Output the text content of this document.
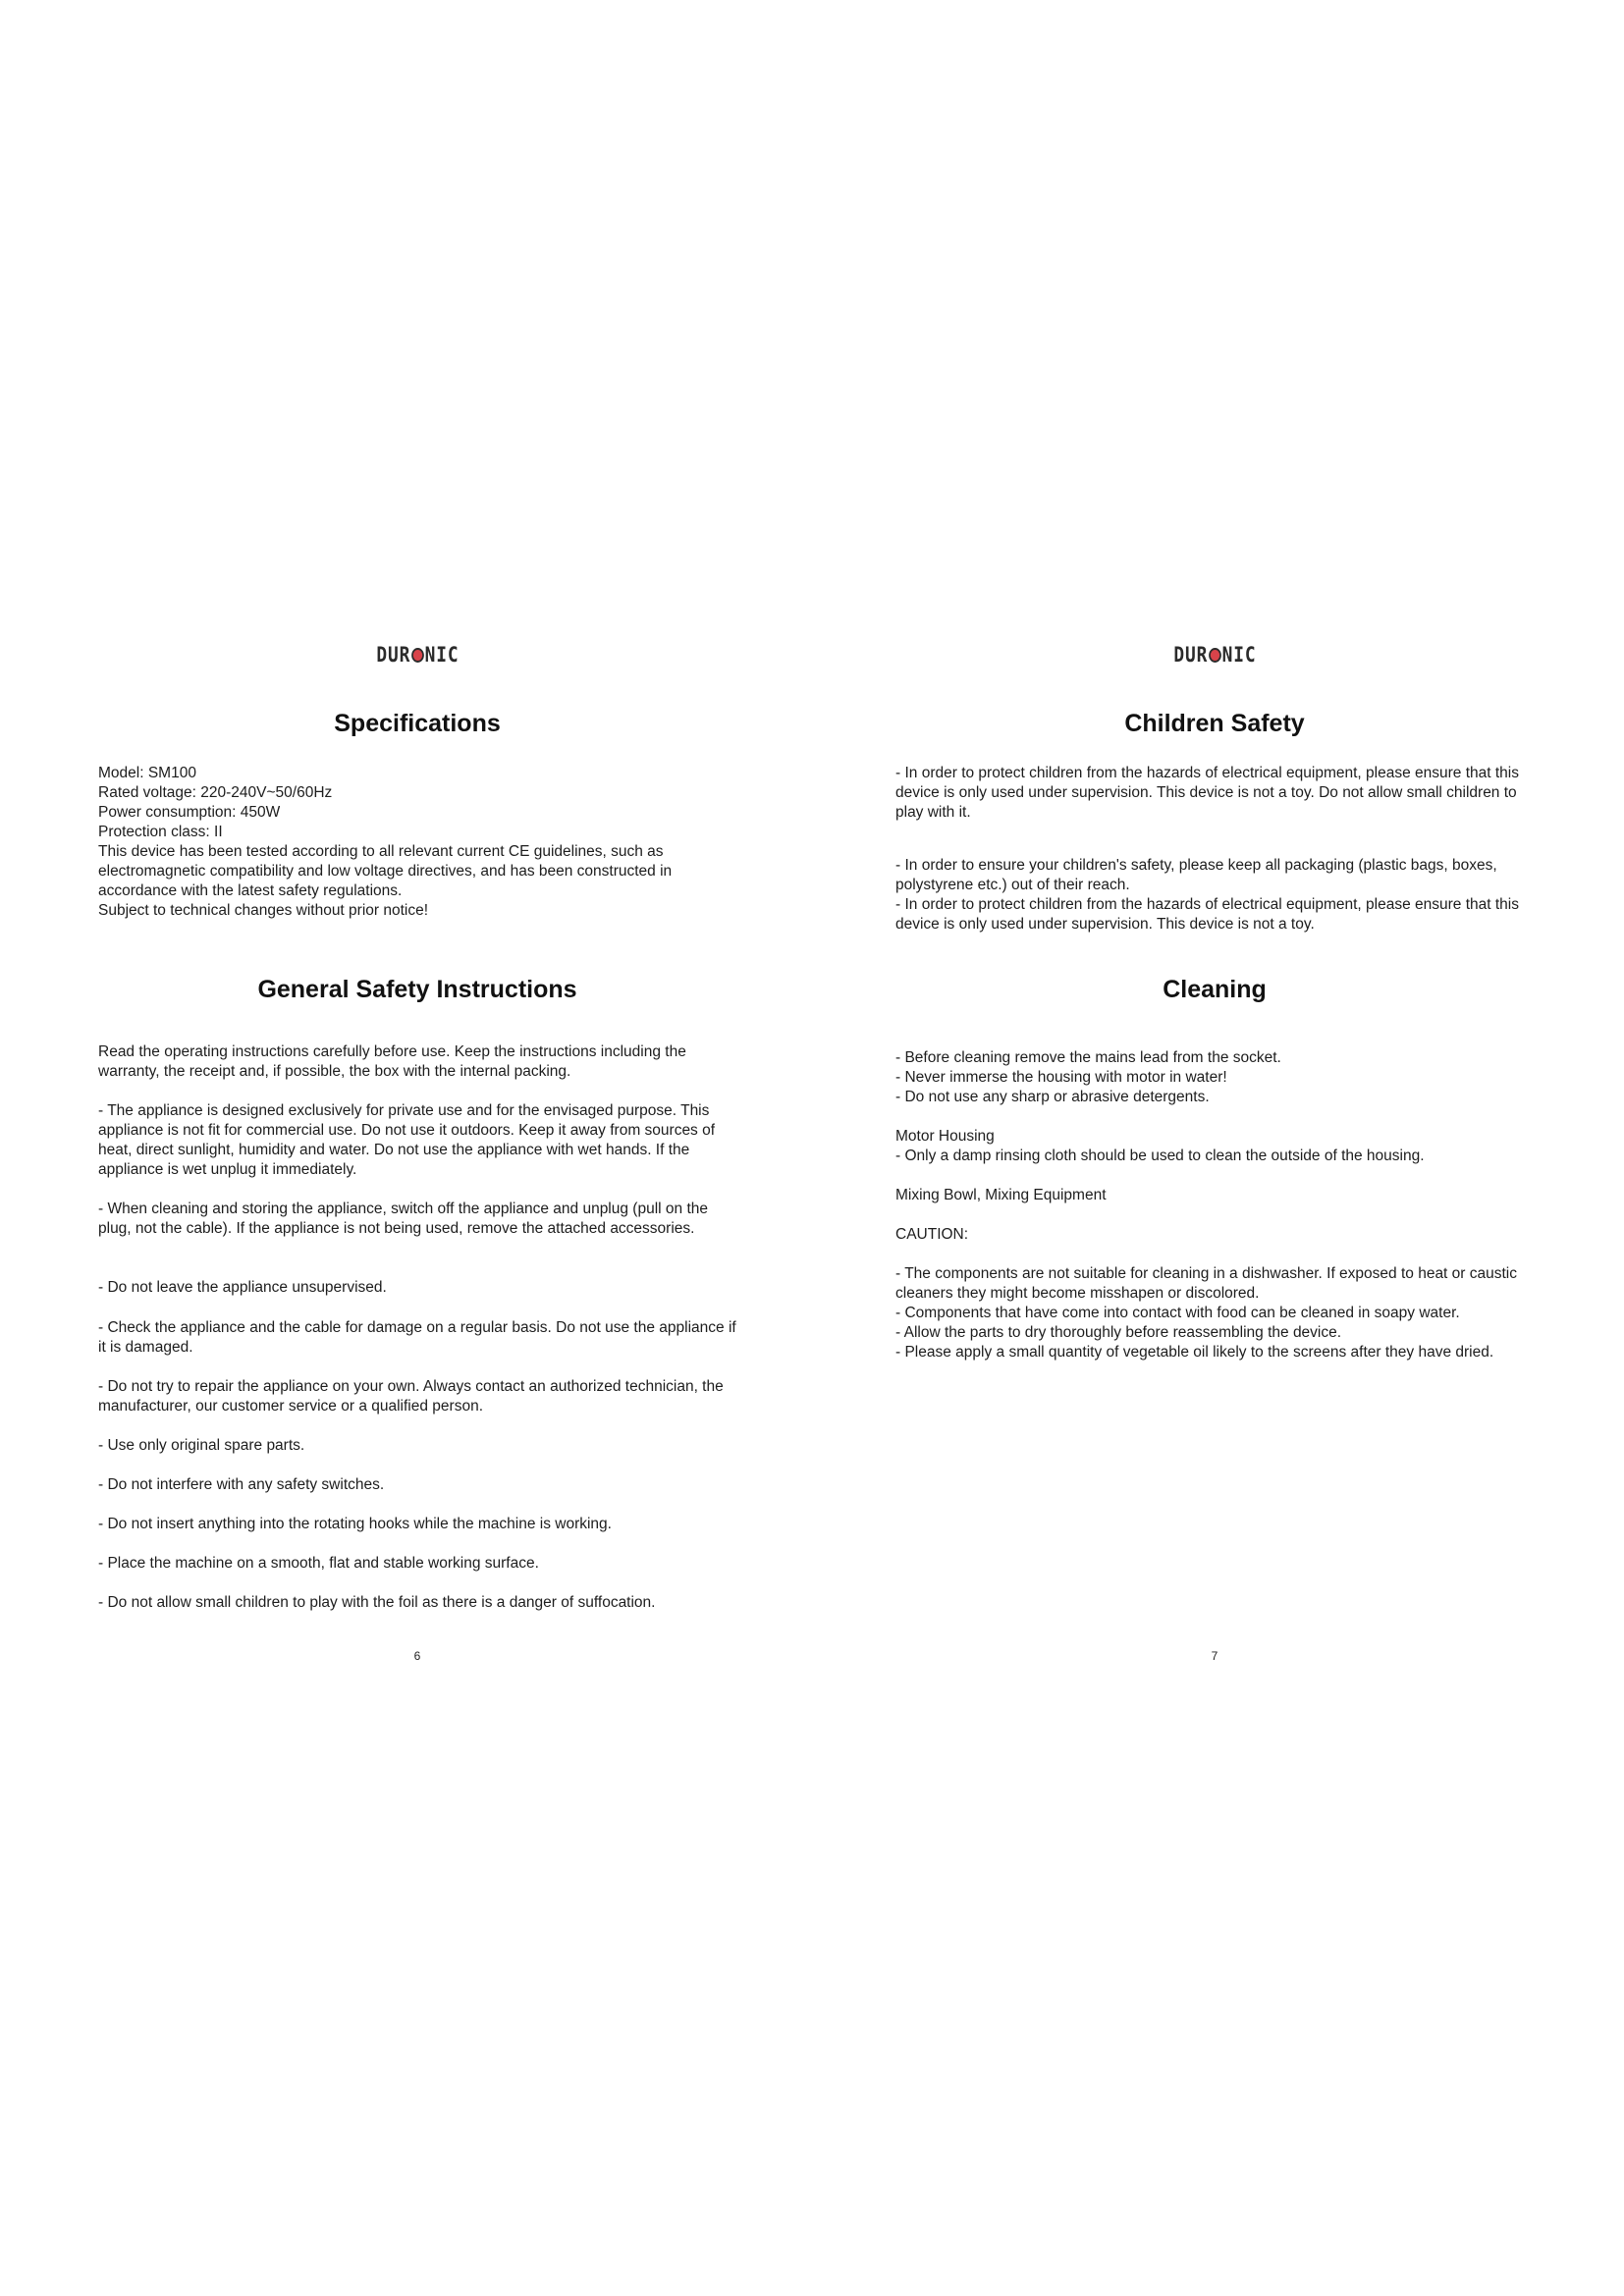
DUR NIC
Specifications
Model: SM100
Rated voltage: 220-240V~50/60Hz
Power consumption: 450W
Protection class: II
This device has been tested according to all relevant current CE guidelines, such as electromagnetic compatibility and low voltage directives, and has been constructed in accordance with the latest safety regulations.
Subject to technical changes without prior notice!
General Safety Instructions
Read the operating instructions carefully before use. Keep the instructions including the warranty, the receipt and, if possible, the box with the internal packing.
- The appliance is designed exclusively for private use and for the envisaged purpose. This appliance is not fit for commercial use. Do not use it outdoors. Keep it away from sources of heat, direct sunlight, humidity and water. Do not use the appliance with wet hands. If the appliance is wet unplug it immediately.
- When cleaning and storing the appliance, switch off the appliance and unplug (pull on the plug, not the cable). If the appliance is not being used, remove the attached accessories.
- Do not leave the appliance unsupervised.
- Check the appliance and the cable for damage on a regular basis. Do not use the appliance if it is damaged.
- Do not try to repair the appliance on your own. Always contact an authorized technician, the manufacturer, our customer service or a qualified person.
- Use only original spare parts.
- Do not interfere with any safety switches.
- Do not insert anything into the rotating hooks while the machine is working.
- Place the machine on a smooth, flat and stable working surface.
- Do not allow small children to play with the foil as there is a danger of suffocation.
6
DUR NIC
Children Safety
- In order to protect children from the hazards of electrical equipment, please ensure that this device is only used under supervision. This device is not a toy. Do not allow small children to play with it.
- In order to ensure your children's safety, please keep all packaging (plastic bags, boxes, polystyrene etc.) out of their reach.
- In order to protect children from the hazards of electrical equipment, please ensure that this device is only used under supervision. This device is not a toy.
Cleaning
- Before cleaning remove the mains lead from the socket.
- Never immerse the housing with motor in water!
- Do not use any sharp or abrasive detergents.
Motor Housing
- Only a damp rinsing cloth should be used to clean the outside of the housing.
Mixing Bowl, Mixing Equipment
CAUTION:
- The components are not suitable for cleaning in a dishwasher. If exposed to heat or caustic cleaners they might become misshapen or discolored.
- Components that have come into contact with food can be cleaned in soapy water.
- Allow the parts to dry thoroughly before reassembling the device.
- Please apply a small quantity of vegetable oil likely to the screens after they have dried.
7
